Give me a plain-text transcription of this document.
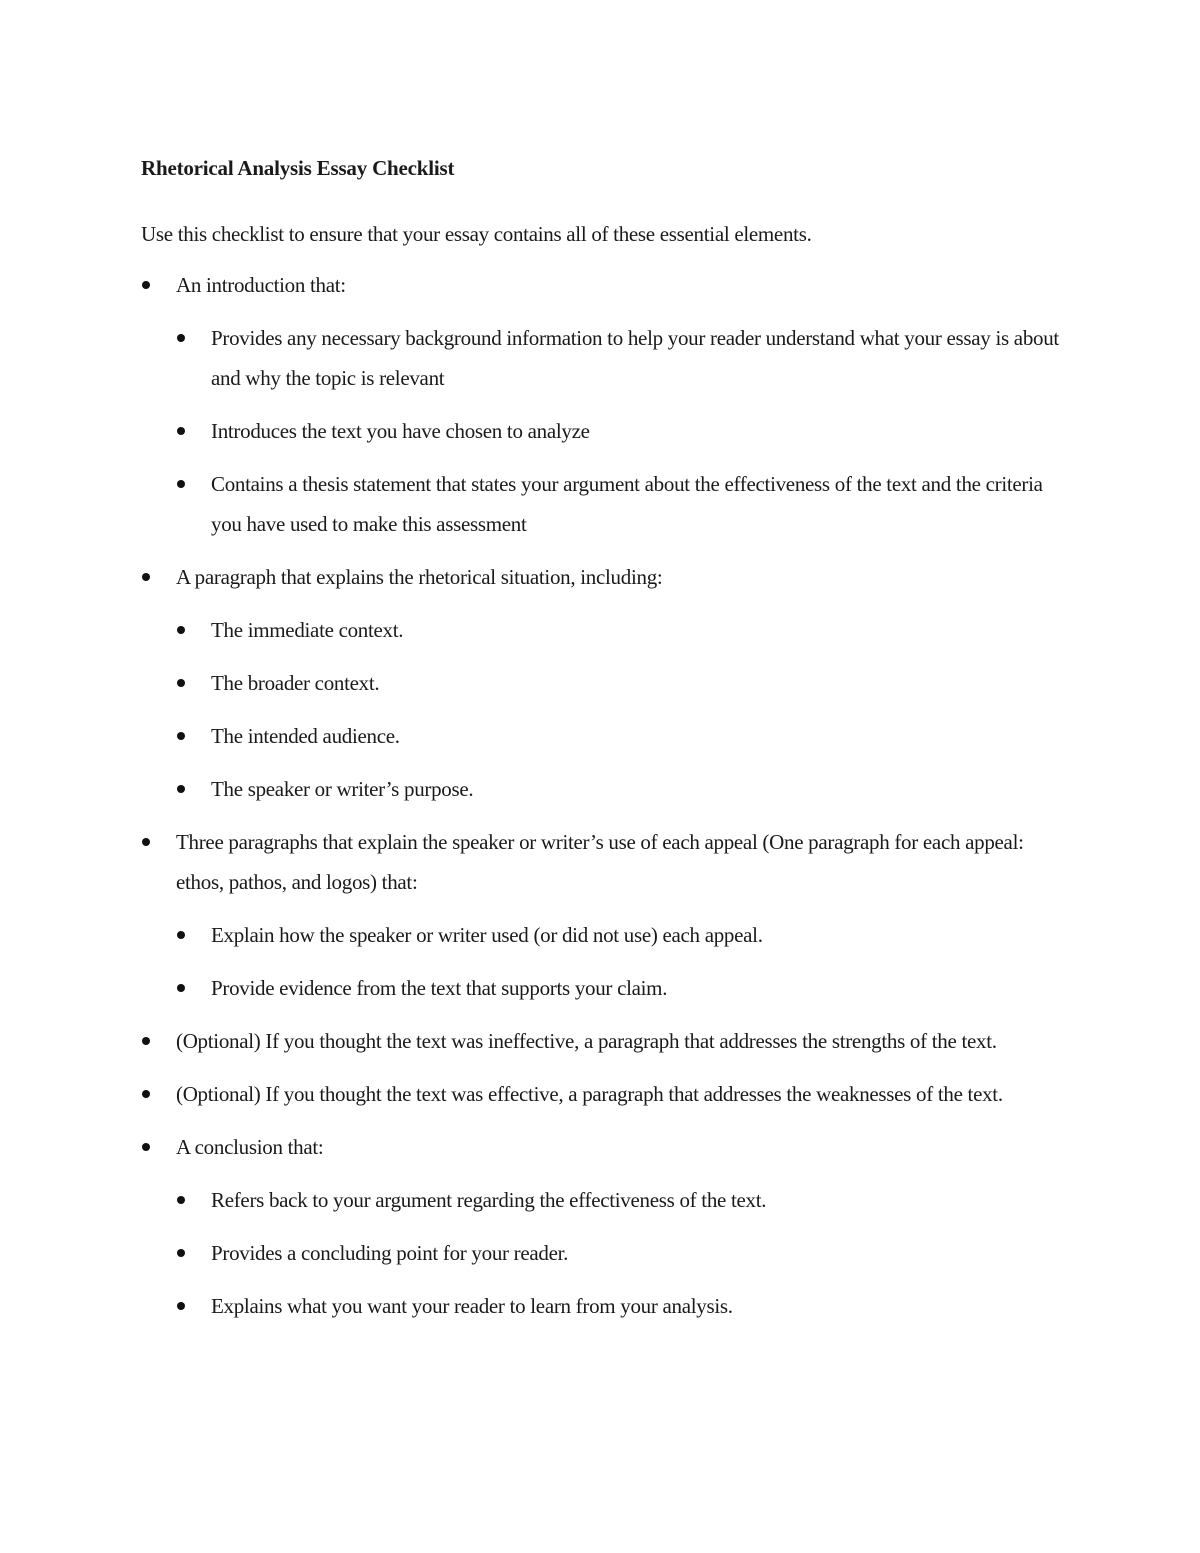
Rhetorical Analysis Essay Checklist

Use this checklist to ensure that your essay contains all of these essential elements.

An introduction that:
Provides any necessary background information to help your reader understand what your essay is about and why the topic is relevant
Introduces the text you have chosen to analyze
Contains a thesis statement that states your argument about the effectiveness of the text and the criteria you have used to make this assessment
A paragraph that explains the rhetorical situation, including:
The immediate context.
The broader context.
The intended audience.
The speaker or writer’s purpose.
Three paragraphs that explain the speaker or writer’s use of each appeal (One paragraph for each appeal: ethos, pathos, and logos) that:
Explain how the speaker or writer used (or did not use) each appeal.
Provide evidence from the text that supports your claim.
(Optional) If you thought the text was ineffective, a paragraph that addresses the strengths of the text.
(Optional) If you thought the text was effective, a paragraph that addresses the weaknesses of the text.
A conclusion that:
Refers back to your argument regarding the effectiveness of the text.
Provides a concluding point for your reader.
Explains what you want your reader to learn from your analysis.
